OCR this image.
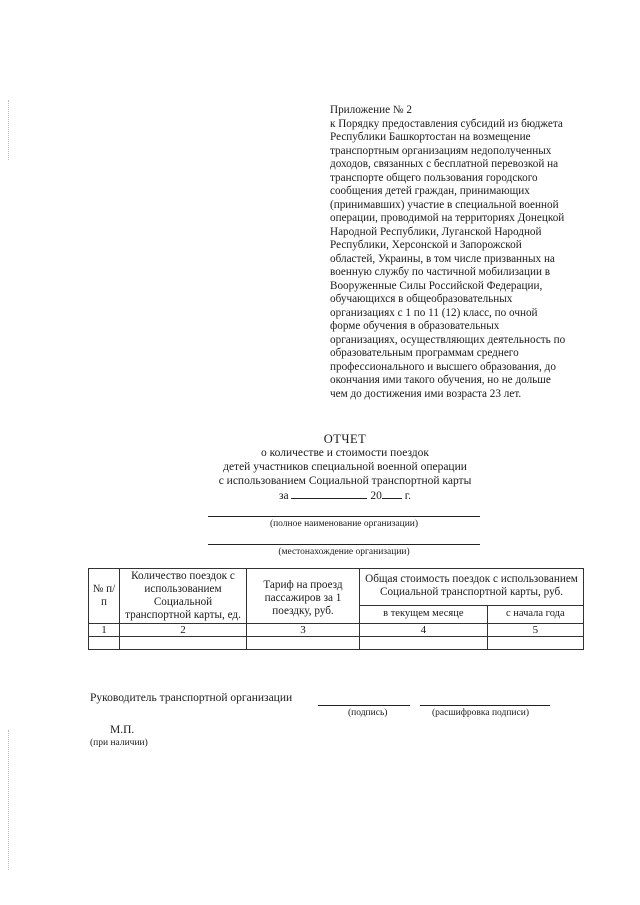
Приложение № 2
к Порядку предоставления субсидий из бюджета
Республики Башкортостан на возмещение
транспортным организациям недополученных
доходов, связанных с бесплатной перевозкой на
транспорте общего пользования городского
сообщения детей граждан, принимающих
(принимавших) участие в специальной военной
операции, проводимой на территориях Донецкой
Народной Республики, Луганской Народной
Республики, Херсонской и Запорожской
областей, Украины, в том числе призванных на
военную службу по частичной мобилизации в
Вооруженные Силы Российской Федерации,
обучающихся в общеобразовательных
организациях с 1 по 11 (12) класс, по очной
форме обучения в образовательных
организациях, осуществляющих деятельность по
образовательным программам среднего
профессионального и высшего образования, до
окончания ими такого обучения, но не дольше
чем до достижения ими возраста 23 лет.
ОТЧЕТ
о количестве и стоимости поездок
детей участников специальной военной операции
с использованием Социальной транспортной карты
за	20 г.
(полное наименование организации)
(местонахождение организации)
№ п/п	Количество поездок с использованием Социальной транспортной карты, ед.	Тариф на проезд пассажиров за 1 поездку, руб.	Общая стоимость поездок с использованием Социальной транспортной карты, руб.	
			в текущем месяце	с начала года
1	2	3	4	5

Руководитель транспортной организации
(подпись)	(расшифровка подписи)
М.П.
(при наличии)
